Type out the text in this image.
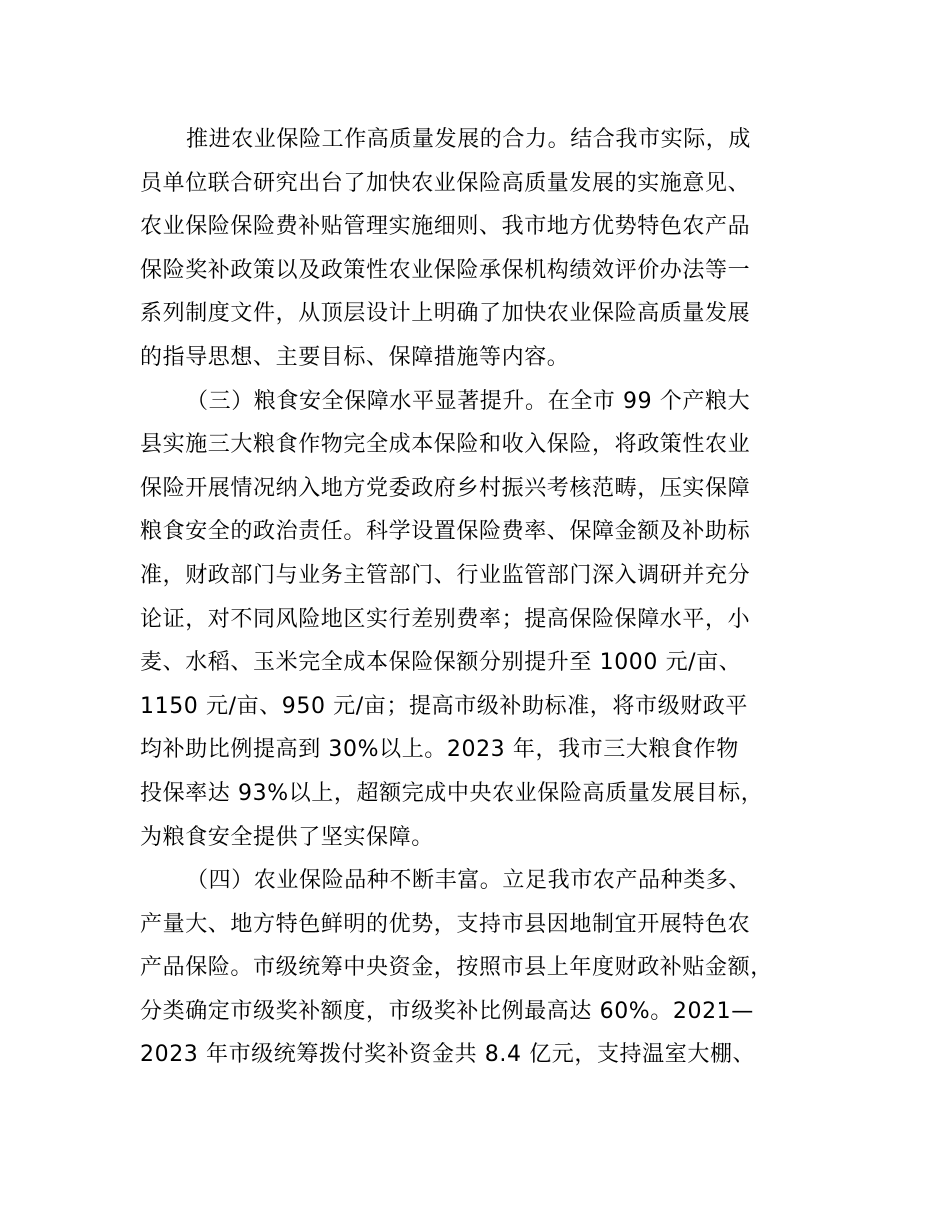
推进农业保险工作高质量发展的合力。结合我市实际，成
员单位联合研究出台了加快农业保险高质量发展的实施意见、
农业保险保险费补贴管理实施细则、我市地方优势特色农产品
保险奖补政策以及政策性农业保险承保机构绩效评价办法等一
系列制度文件，从顶层设计上明确了加快农业保险高质量发展
的指导思想、主要目标、保障措施等内容。

（三）粮食安全保障水平显著提升。在全市 99 个产粮大
县实施三大粮食作物完全成本保险和收入保险，将政策性农业
保险开展情况纳入地方党委政府乡村振兴考核范畴，压实保障
粮食安全的政治责任。科学设置保险费率、保障金额及补助标
准，财政部门与业务主管部门、行业监管部门深入调研并充分
论证，对不同风险地区实行差别费率；提高保险保障水平，小
麦、水稻、玉米完全成本保险保额分别提升至 1000 元/亩、
1150 元/亩、950 元/亩；提高市级补助标准，将市级财政平
均补助比例提高到 30%以上。2023 年，我市三大粮食作物
投保率达 93%以上，超额完成中央农业保险高质量发展目标，
为粮食安全提供了坚实保障。

（四）农业保险品种不断丰富。立足我市农产品种类多、
产量大、地方特色鲜明的优势，支持市县因地制宜开展特色农
产品保险。市级统筹中央资金，按照市县上年度财政补贴金额，
分类确定市级奖补额度，市级奖补比例最高达 60%。2021—
2023 年市级统筹拨付奖补资金共 8.4 亿元，支持温室大棚、
